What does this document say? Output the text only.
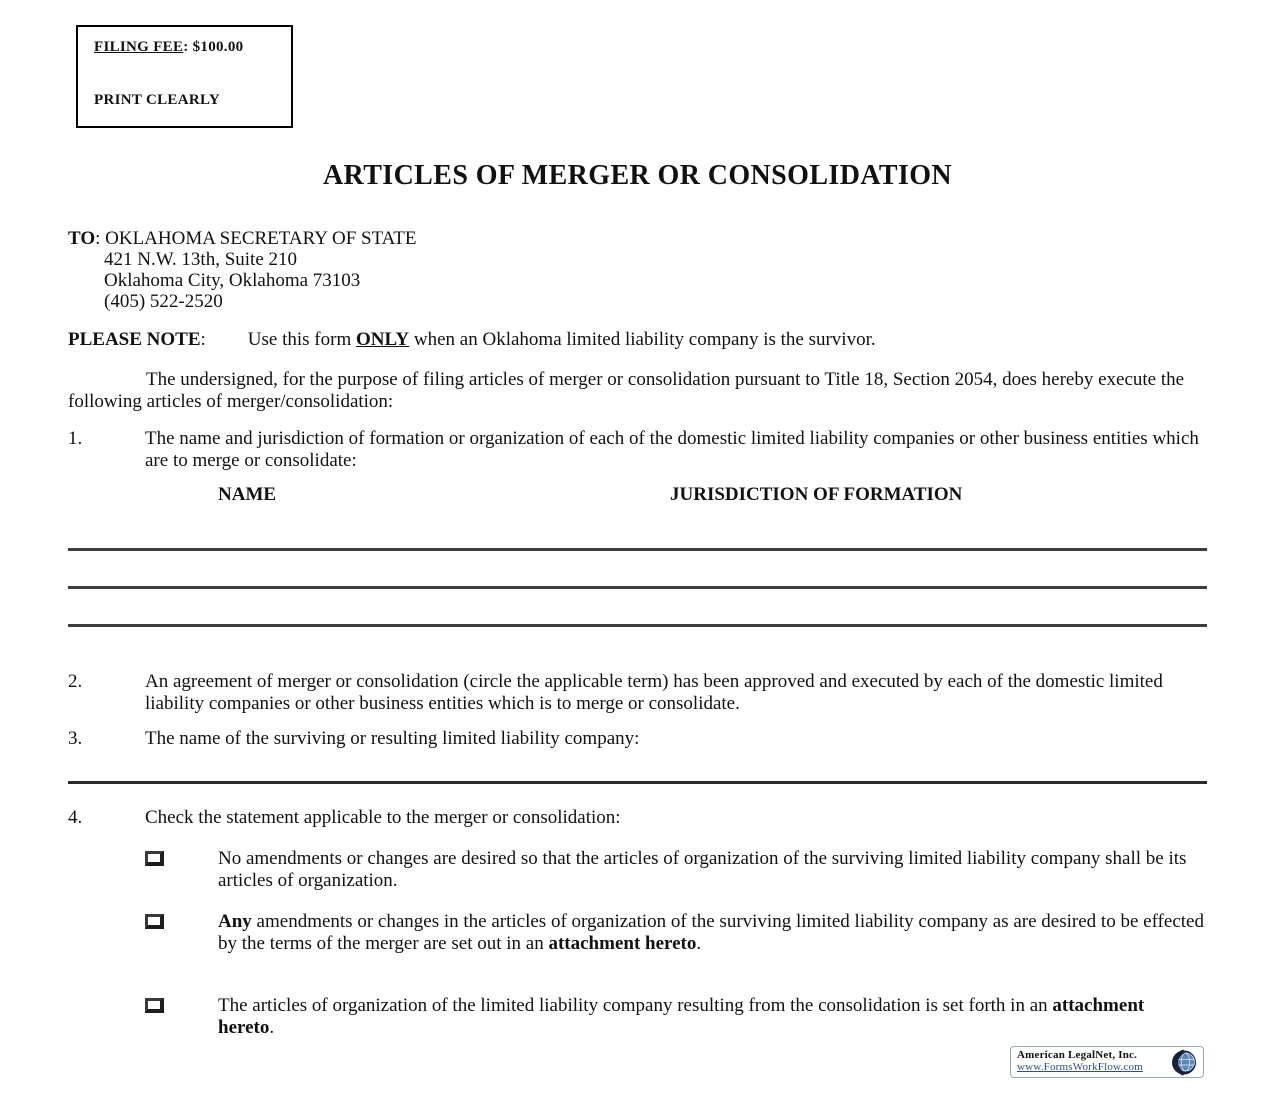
FILING FEE: $100.00
PRINT CLEARLY
ARTICLES OF MERGER OR CONSOLIDATION
TO: OKLAHOMA SECRETARY OF STATE
421 N.W. 13th, Suite 210
Oklahoma City, Oklahoma 73103
(405) 522-2520
PLEASE NOTE: Use this form ONLY when an Oklahoma limited liability company is the survivor.
The undersigned, for the purpose of filing articles of merger or consolidation pursuant to Title 18, Section 2054, does hereby execute the following articles of merger/consolidation:
1.	The name and jurisdiction of formation or organization of each of the domestic limited liability companies or other business entities which are to merge or consolidate:
NAME	JURISDICTION OF FORMATION
2.	An agreement of merger or consolidation (circle the applicable term) has been approved and executed by each of the domestic limited liability companies or other business entities which is to merge or consolidate.
3.	The name of the surviving or resulting limited liability company:
4.	Check the statement applicable to the merger or consolidation:
No amendments or changes are desired so that the articles of organization of the surviving limited liability company shall be its articles of organization.
Any amendments or changes in the articles of organization of the surviving limited liability company as are desired to be effected by the terms of the merger are set out in an attachment hereto.
The articles of organization of the limited liability company resulting from the consolidation is set forth in an attachment hereto.
American LegalNet, Inc.
www.FormsWorkFlow.com
